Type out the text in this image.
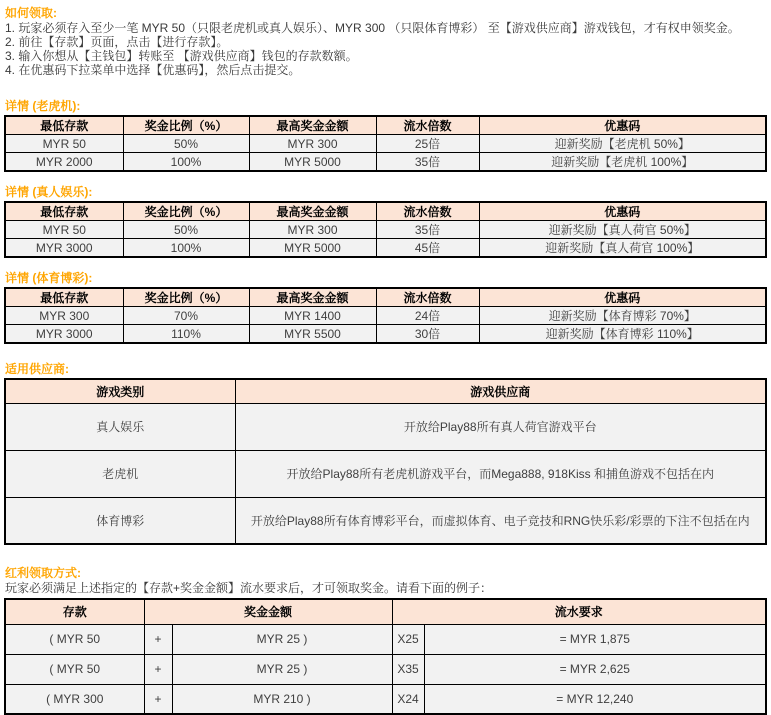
如何领取:
1. 玩家必须存入至少一笔 MYR 50（只限老虎机或真人娱乐）、MYR 300 （只限体育博彩） 至【游戏供应商】游戏钱包，才有权申领奖金。
2. 前往【存款】页面，点击【进行存款】。
3. 输入你想从【主钱包】转账至 【游戏供应商】钱包的存款数额。
4. 在优惠码下拉菜单中选择【优惠码】，然后点击提交。
详情 (老虎机):
最低存款	奖金比例（%）	最高奖金金额	流水倍数	优惠码
MYR 50	50%	MYR 300	25倍	迎新奖励【老虎机 50%】
MYR 2000	100%	MYR 5000	35倍	迎新奖励【老虎机 100%】
详情 (真人娱乐):
最低存款	奖金比例（%）	最高奖金金额	流水倍数	优惠码
MYR 50	50%	MYR 300	35倍	迎新奖励【真人荷官 50%】
MYR 3000	100%	MYR 5000	45倍	迎新奖励【真人荷官 100%】
详情 (体育博彩):
最低存款	奖金比例（%）	最高奖金金额	流水倍数	优惠码
MYR 300	70%	MYR 1400	24倍	迎新奖励【体育博彩 70%】
MYR 3000	110%	MYR 5500	30倍	迎新奖励【体育博彩 110%】
适用供应商:
游戏类别	游戏供应商
真人娱乐	开放给Play88所有真人荷官游戏平台
老虎机	开放给Play88所有老虎机游戏平台，而Mega888, 918Kiss 和捕鱼游戏不包括在内
体育博彩	开放给Play88所有体育博彩平台，而虚拟体育、电子竞技和RNG快乐彩/彩票的下注不包括在内
红利领取方式:
玩家必须满足上述指定的【存款+奖金金额】流水要求后，才可领取奖金。请看下面的例子：
存款	奖金金额		流水要求	
( MYR 50	+	MYR 25 )	X25	= MYR 1,875
( MYR 50	+	MYR 25 )	X35	= MYR 2,625
( MYR 300	+	MYR 210 )	X24	= MYR 12,240
